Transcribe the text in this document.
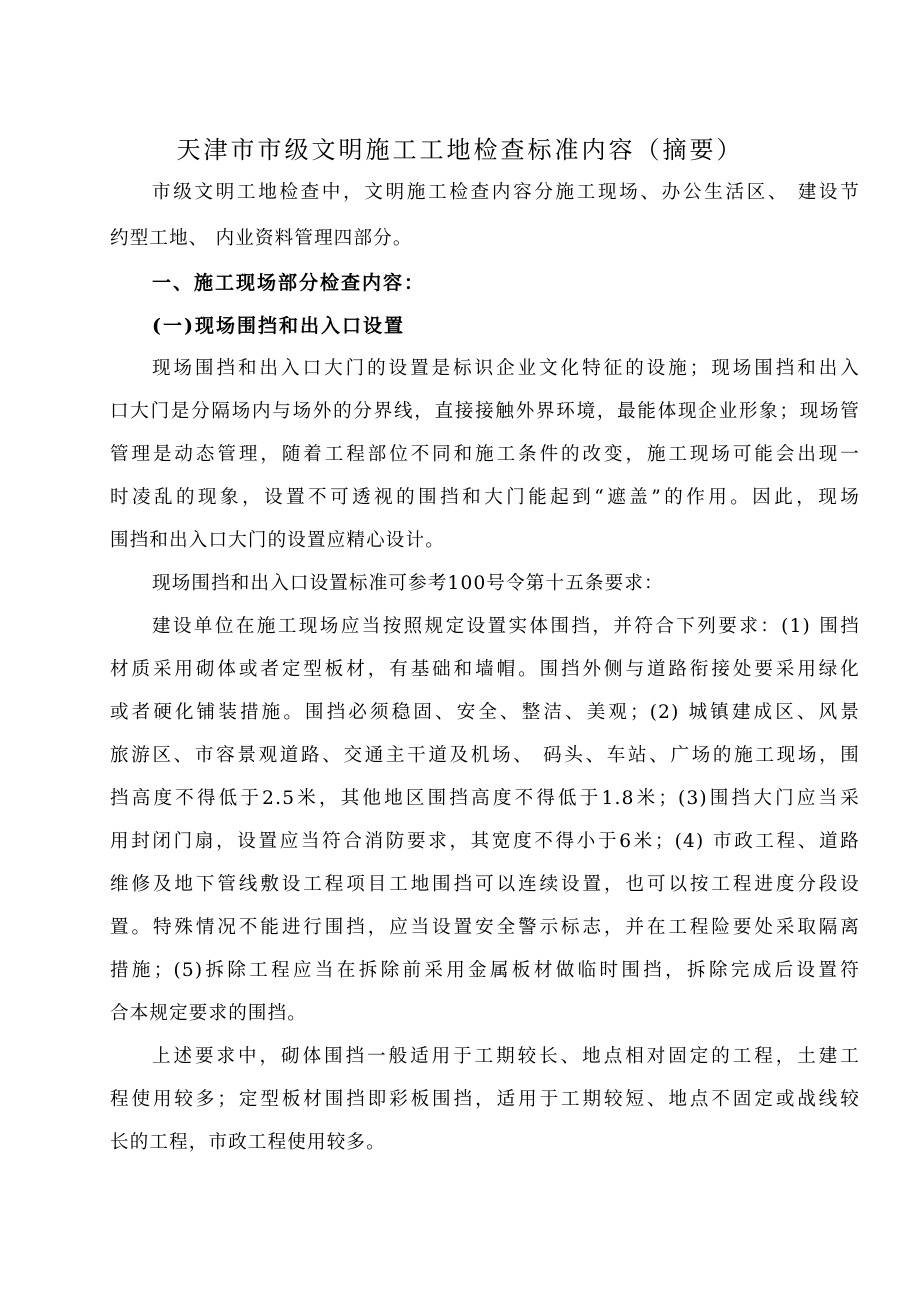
天津市市级文明施工工地检查标准内容（摘要）
市级文明工地检查中，文明施工检查内容分施工现场、办公生活区、 建设节
约型工地、 内业资料管理四部分。
一、施工现场部分检查内容：
(一)现场围挡和出入口设置
现场围挡和出入口大门的设置是标识企业文化特征的设施；现场围挡和出入
口大门是分隔场内与场外的分界线，直接接触外界环境，最能体现企业形象；现场管
管理是动态管理，随着工程部位不同和施工条件的改变，施工现场可能会出现一
时凌乱的现象，设置不可透视的围挡和大门能起到“遮盖”的作用。因此，现场
围挡和出入口大门的设置应精心设计。
现场围挡和出入口设置标准可参考100号令第十五条要求：
建设单位在施工现场应当按照规定设置实体围挡，并符合下列要求：(1) 围挡
材质采用砌体或者定型板材，有基础和墙帽。围挡外侧与道路衔接处要采用绿化
或者硬化铺装措施。围挡必须稳固、安全、整洁、美观；(2) 城镇建成区、风景
旅游区、市容景观道路、交通主干道及机场、 码头、车站、广场的施工现场，围
挡高度不得低于2.5米，其他地区围挡高度不得低于1.8米；(3)围挡大门应当采
用封闭门扇，设置应当符合消防要求，其宽度不得小于6米；(4) 市政工程、道路
维修及地下管线敷设工程项目工地围挡可以连续设置，也可以按工程进度分段设
置。特殊情况不能进行围挡，应当设置安全警示标志，并在工程险要处采取隔离
措施；(5)拆除工程应当在拆除前采用金属板材做临时围挡，拆除完成后设置符
合本规定要求的围挡。
上述要求中，砌体围挡一般适用于工期较长、地点相对固定的工程，土建工
程使用较多；定型板材围挡即彩板围挡，适用于工期较短、地点不固定或战线较
长的工程，市政工程使用较多。
